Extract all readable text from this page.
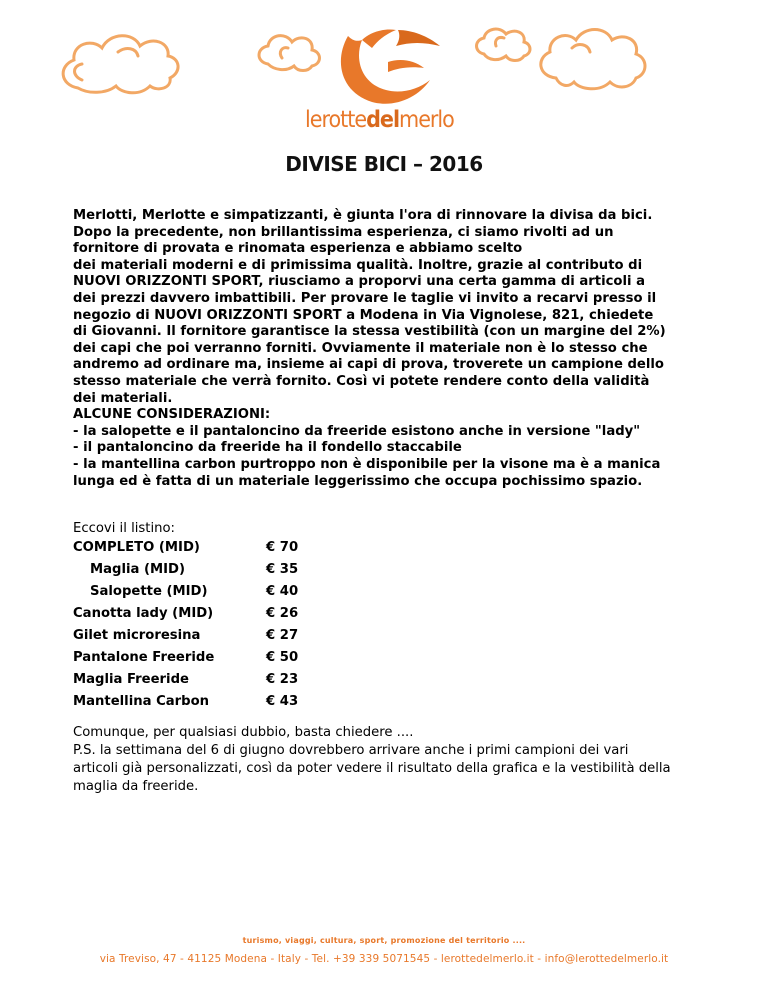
lerottedelmerlo
DIVISE BICI – 2016
Merlotti, Merlotte e simpatizzanti, è giunta l'ora di rinnovare la divisa da bici.
Dopo la precedente, non brillantissima esperienza, ci siamo rivolti ad un
fornitore di provata e rinomata esperienza e abbiamo scelto
dei materiali moderni e di primissima qualità. Inoltre, grazie al contributo di
NUOVI ORIZZONTI SPORT, riusciamo a proporvi una certa gamma di articoli a
dei prezzi davvero imbattibili. Per provare le taglie vi invito a recarvi presso il
negozio di NUOVI ORIZZONTI SPORT a Modena in Via Vignolese, 821, chiedete
di Giovanni. Il fornitore garantisce la stessa vestibilità (con un margine del 2%)
dei capi che poi verranno forniti. Ovviamente il materiale non è lo stesso che
andremo ad ordinare ma, insieme ai capi di prova, troverete un campione dello
stesso materiale che verrà fornito. Così vi potete rendere conto della validità
dei materiali.
ALCUNE CONSIDERAZIONI:
- la salopette e il pantaloncino da freeride esistono anche in versione "lady"
- il pantaloncino da freeride ha il fondello staccabile
- la mantellina carbon purtroppo non è disponibile per la visone ma è a manica
lunga ed è fatta di un materiale leggerissimo che occupa pochissimo spazio.
Eccovi il listino:
COMPLETO (MID)	€ 70
Maglia (MID)	€ 35
Salopette (MID)	€ 40
Canotta lady (MID)	€ 26
Gilet microresina	€ 27
Pantalone Freeride	€ 50
Maglia Freeride	€ 23
Mantellina Carbon	€ 43
Comunque, per qualsiasi dubbio, basta chiedere ....
P.S. la settimana del 6 di giugno dovrebbero arrivare anche i primi campioni dei vari
articoli già personalizzati, così da poter vedere il risultato della grafica e la vestibilità della
maglia da freeride.
turismo, viaggi, cultura, sport, promozione del territorio ....
via Treviso, 47 - 41125 Modena - Italy - Tel. +39 339 5071545 - lerottedelmerlo.it - info@lerottedelmerlo.it
